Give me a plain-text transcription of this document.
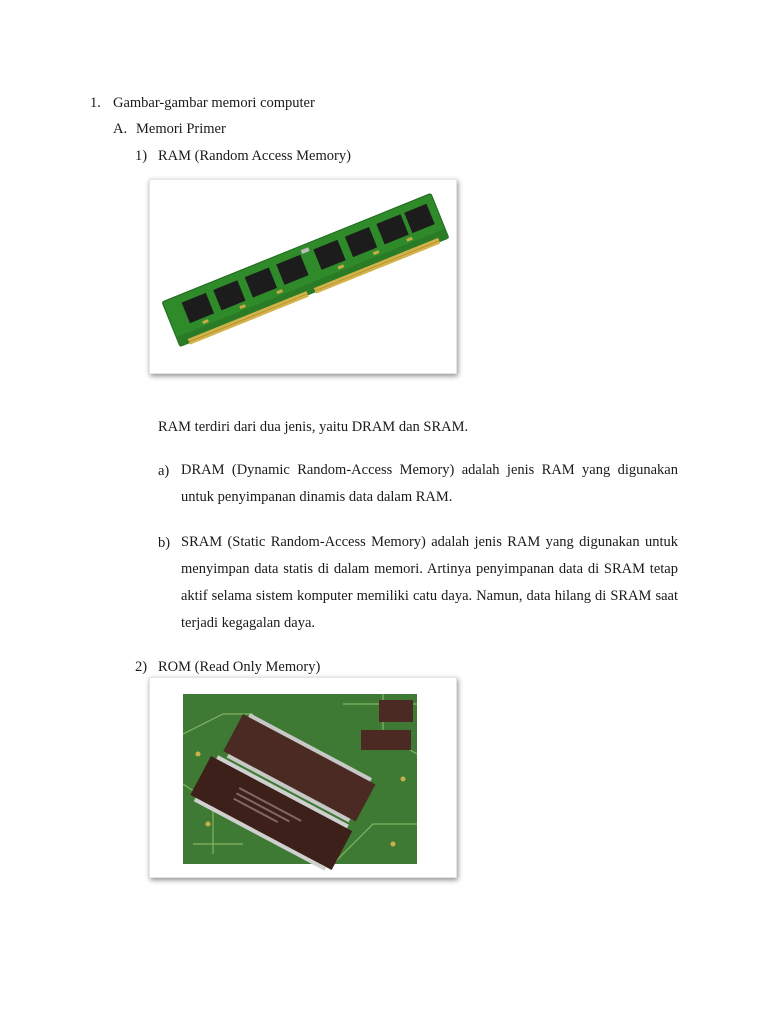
1. Gambar-gambar memori computer
A. Memori Primer
1) RAM (Random Access Memory)
RAM terdiri dari dua jenis, yaitu DRAM dan SRAM.
a) DRAM (Dynamic Random-Access Memory) adalah jenis RAM yang digunakan untuk penyimpanan dinamis data dalam RAM.
b) SRAM (Static Random-Access Memory) adalah jenis RAM yang digunakan untuk menyimpan data statis di dalam memori. Artinya penyimpanan data di SRAM tetap aktif selama sistem komputer memiliki catu daya. Namun, data hilang di SRAM saat terjadi kegagalan daya.
2) ROM (Read Only Memory)
